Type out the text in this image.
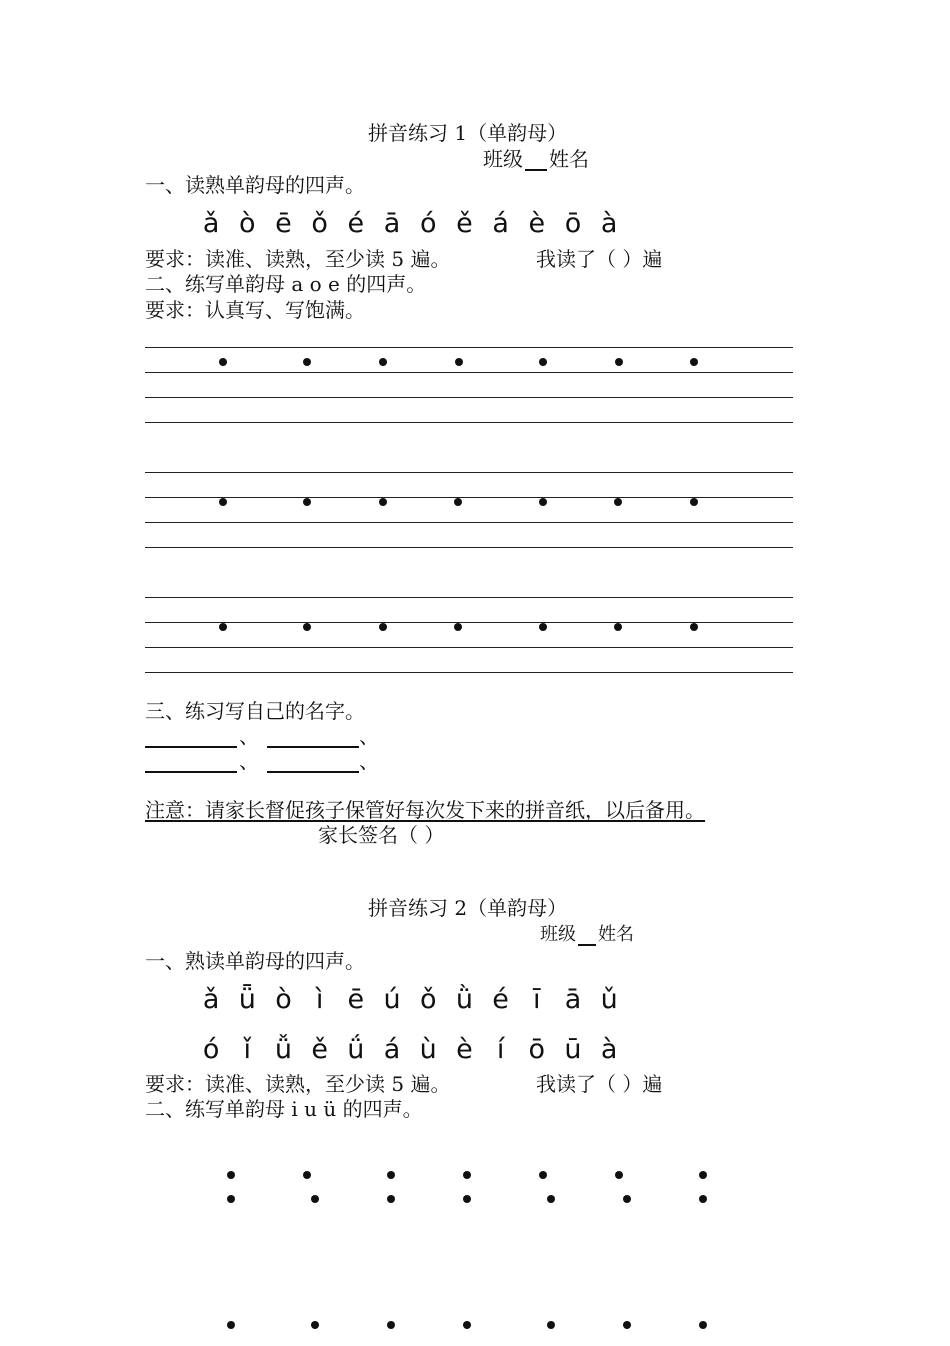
拼音练习 1（单韵母）
班级 姓名
一、读熟单韵母的四声。
ǎ ò ē ǒ é ā ó ě á è ō à
要求：读准、读熟，至少读 5 遍。	我读了（ ）遍
二、练写单韵母 a o e 的四声。
要求：认真写、写饱满。
三、练习写自己的名字。
、	、
、	、
注意：请家长督促孩子保管好每次发下来的拼音纸，以后备用。
家长签名（ ）
拼音练习 2（单韵母）
班级 姓名
一、熟读单韵母的四声。
ǎ ǖ ò ì ē ú ǒ ǜ é ī ā ǔ
ó ǐ ǚ ě ǘ á ù è í ō ū à
要求：读准、读熟，至少读 5 遍。	我读了（ ）遍
二、练写单韵母 i u ü 的四声。
